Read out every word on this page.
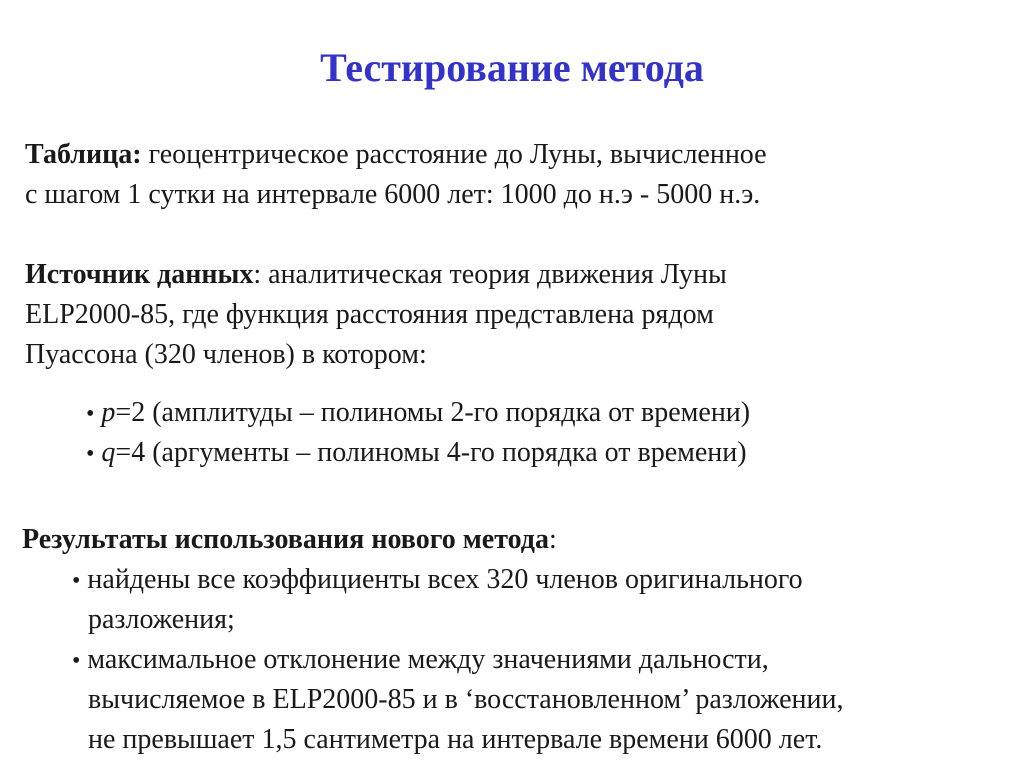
Тестирование метода
Таблица: геоцентрическое расстояние до Луны, вычисленное
с шагом 1 сутки на интервале 6000 лет: 1000 до н.э - 5000 н.э.
Источник данных: аналитическая теория движения Луны
ELP2000-85, где функция расстояния представлена рядом
Пуассона (320 членов) в котором:
• p=2 (амплитуды – полиномы 2-го порядка от времени)
• q=4 (аргументы – полиномы 4-го порядка от времени)
Результаты использования нового метода:
• найдены все коэффициенты всех 320 членов оригинального
разложения;
• максимальное отклонение между значениями дальности,
вычисляемое в ELP2000-85 и в ‘восстановленном’ разложении,
не превышает 1,5 сантиметра на интервале времени 6000 лет.
